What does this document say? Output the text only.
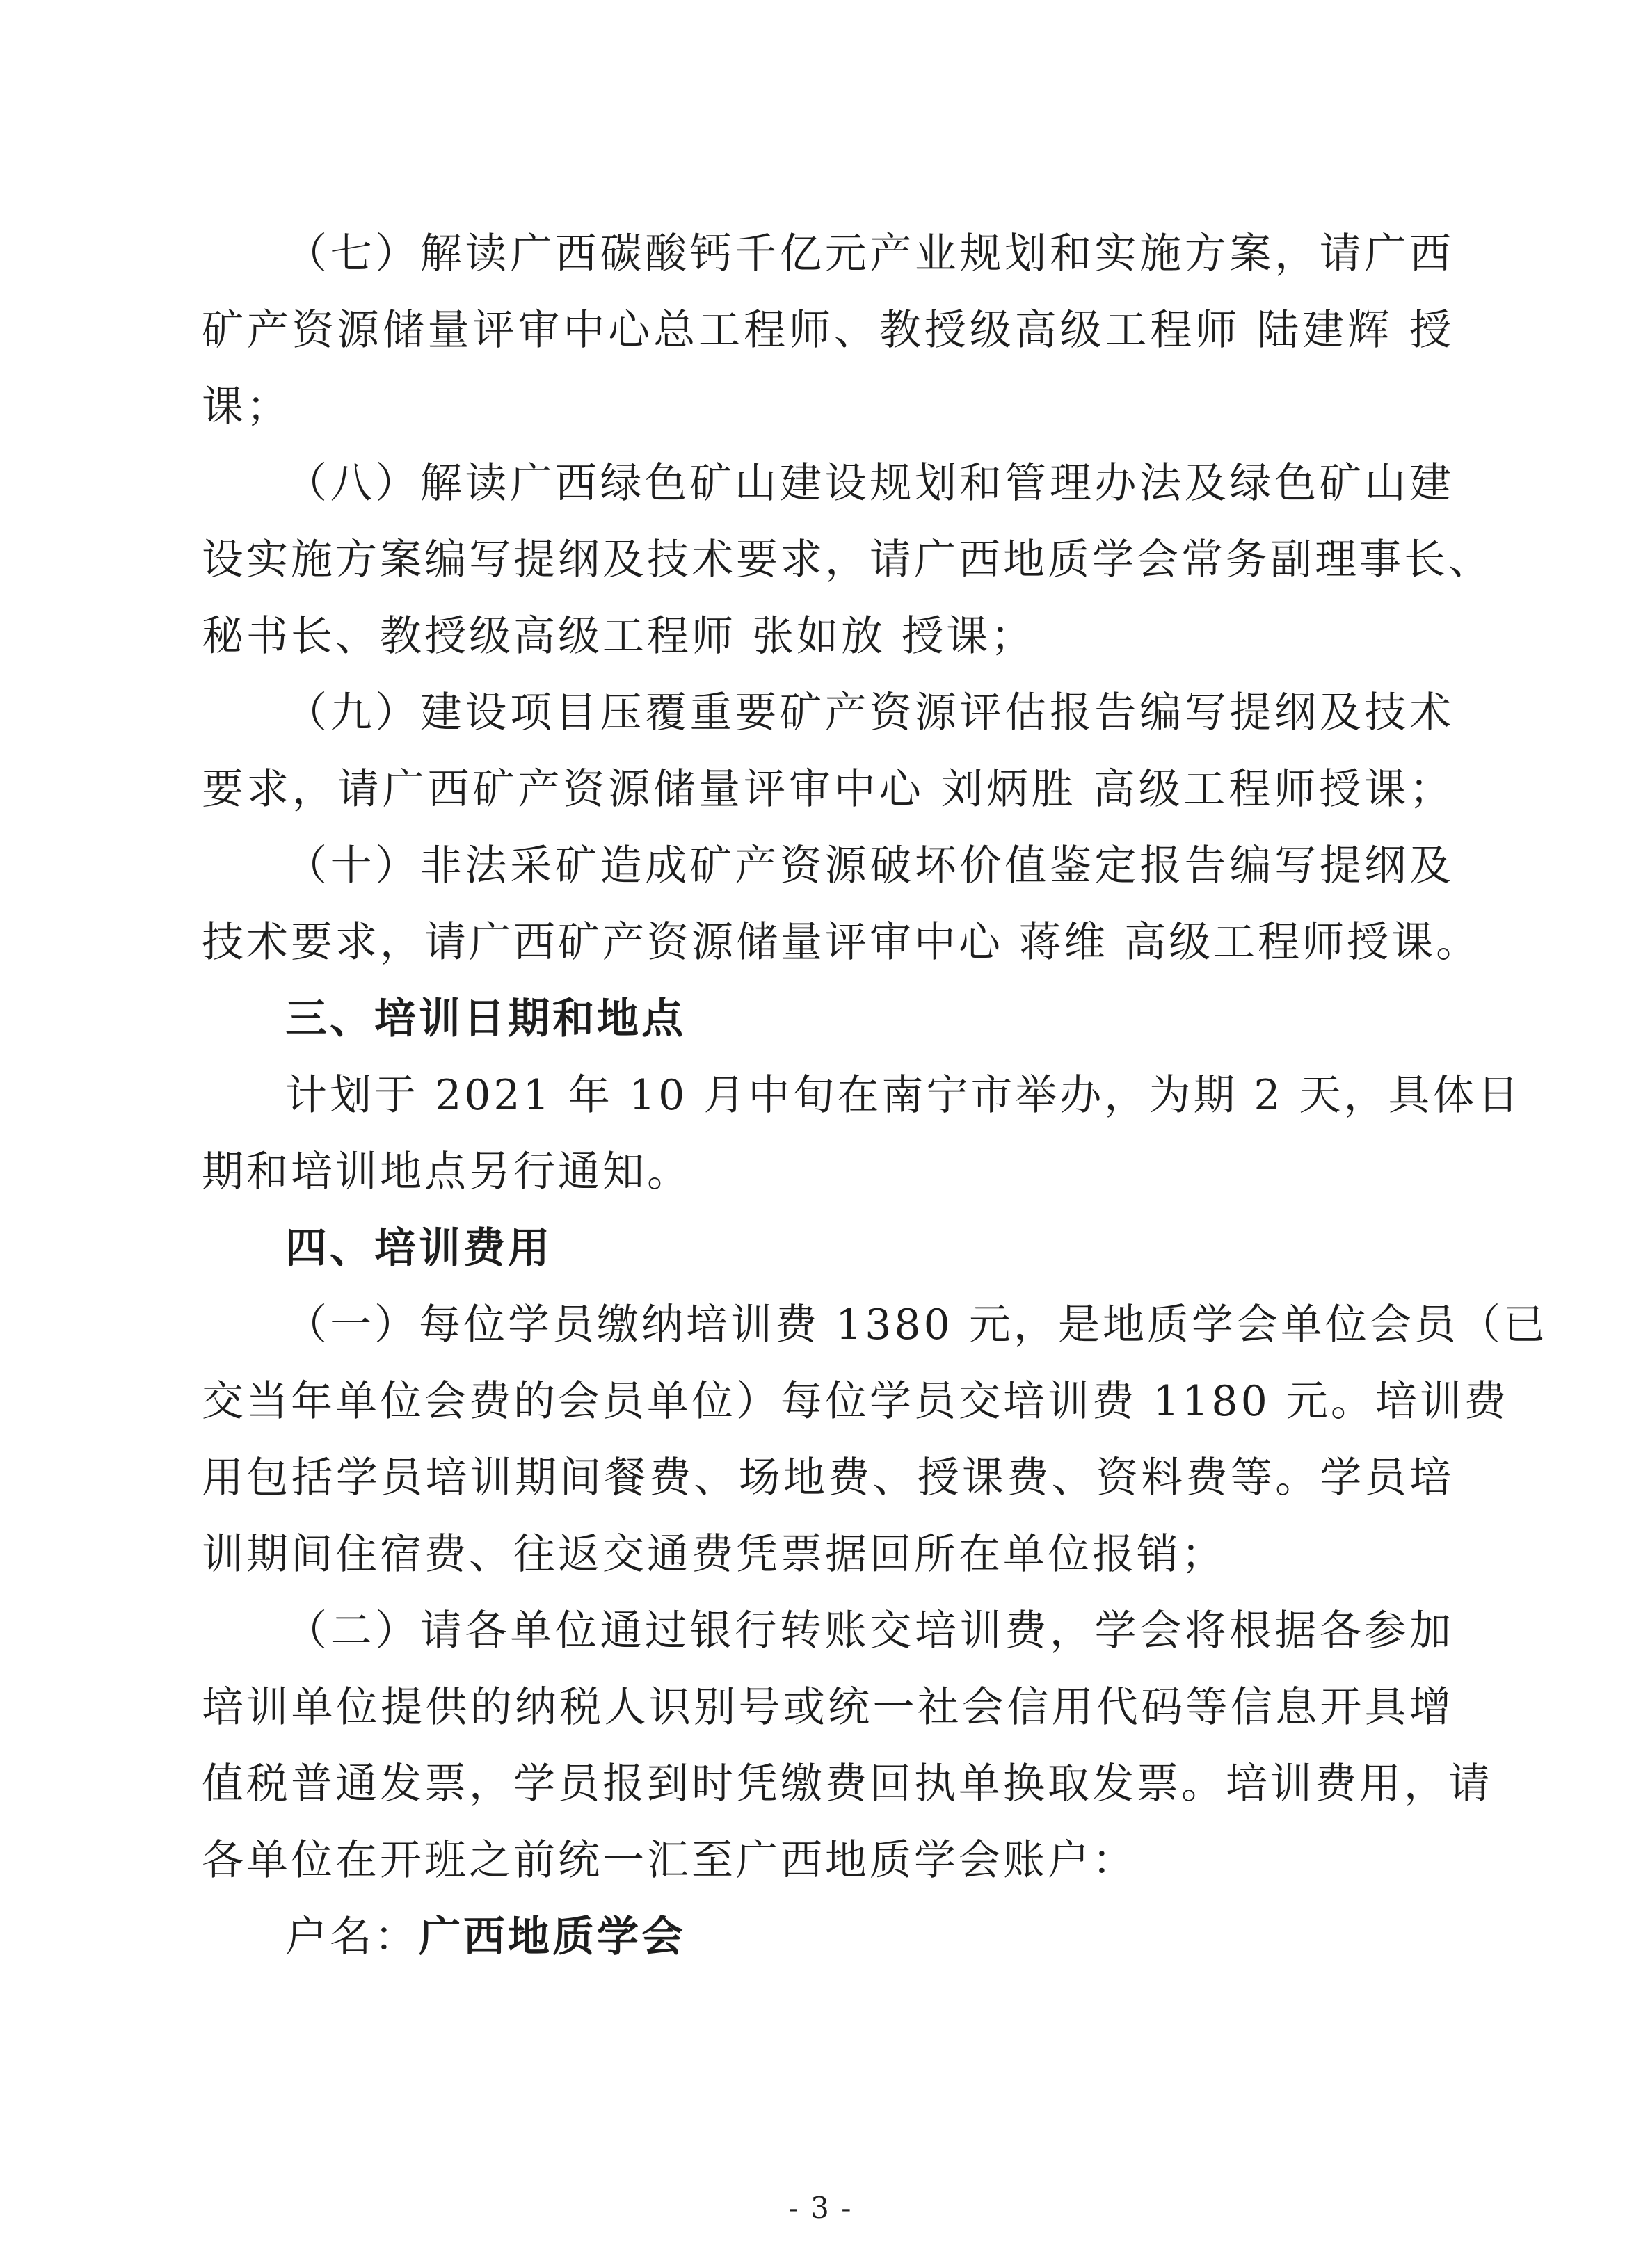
（七）解读广西碳酸钙千亿元产业规划和实施方案，请广西
矿产资源储量评审中心总工程师、教授级高级工程师 陆建辉 授
课；
（八）解读广西绿色矿山建设规划和管理办法及绿色矿山建
设实施方案编写提纲及技术要求，请广西地质学会常务副理事长、
秘书长、教授级高级工程师 张如放 授课；
（九）建设项目压覆重要矿产资源评估报告编写提纲及技术
要求，请广西矿产资源储量评审中心 刘炳胜 高级工程师授课；
（十）非法采矿造成矿产资源破坏价值鉴定报告编写提纲及
技术要求，请广西矿产资源储量评审中心 蒋维 高级工程师授课。
三、培训日期和地点
计划于 2021 年 10 月中旬在南宁市举办，为期 2 天，具体日
期和培训地点另行通知。
四、培训费用
（一）每位学员缴纳培训费 1380 元，是地质学会单位会员（已
交当年单位会费的会员单位）每位学员交培训费 1180 元。培训费
用包括学员培训期间餐费、场地费、授课费、资料费等。学员培
训期间住宿费、往返交通费凭票据回所在单位报销；
（二）请各单位通过银行转账交培训费，学会将根据各参加
培训单位提供的纳税人识别号或统一社会信用代码等信息开具增
值税普通发票，学员报到时凭缴费回执单换取发票。培训费用，请
各单位在开班之前统一汇至广西地质学会账户：
户名：广西地质学会
- 3 -
